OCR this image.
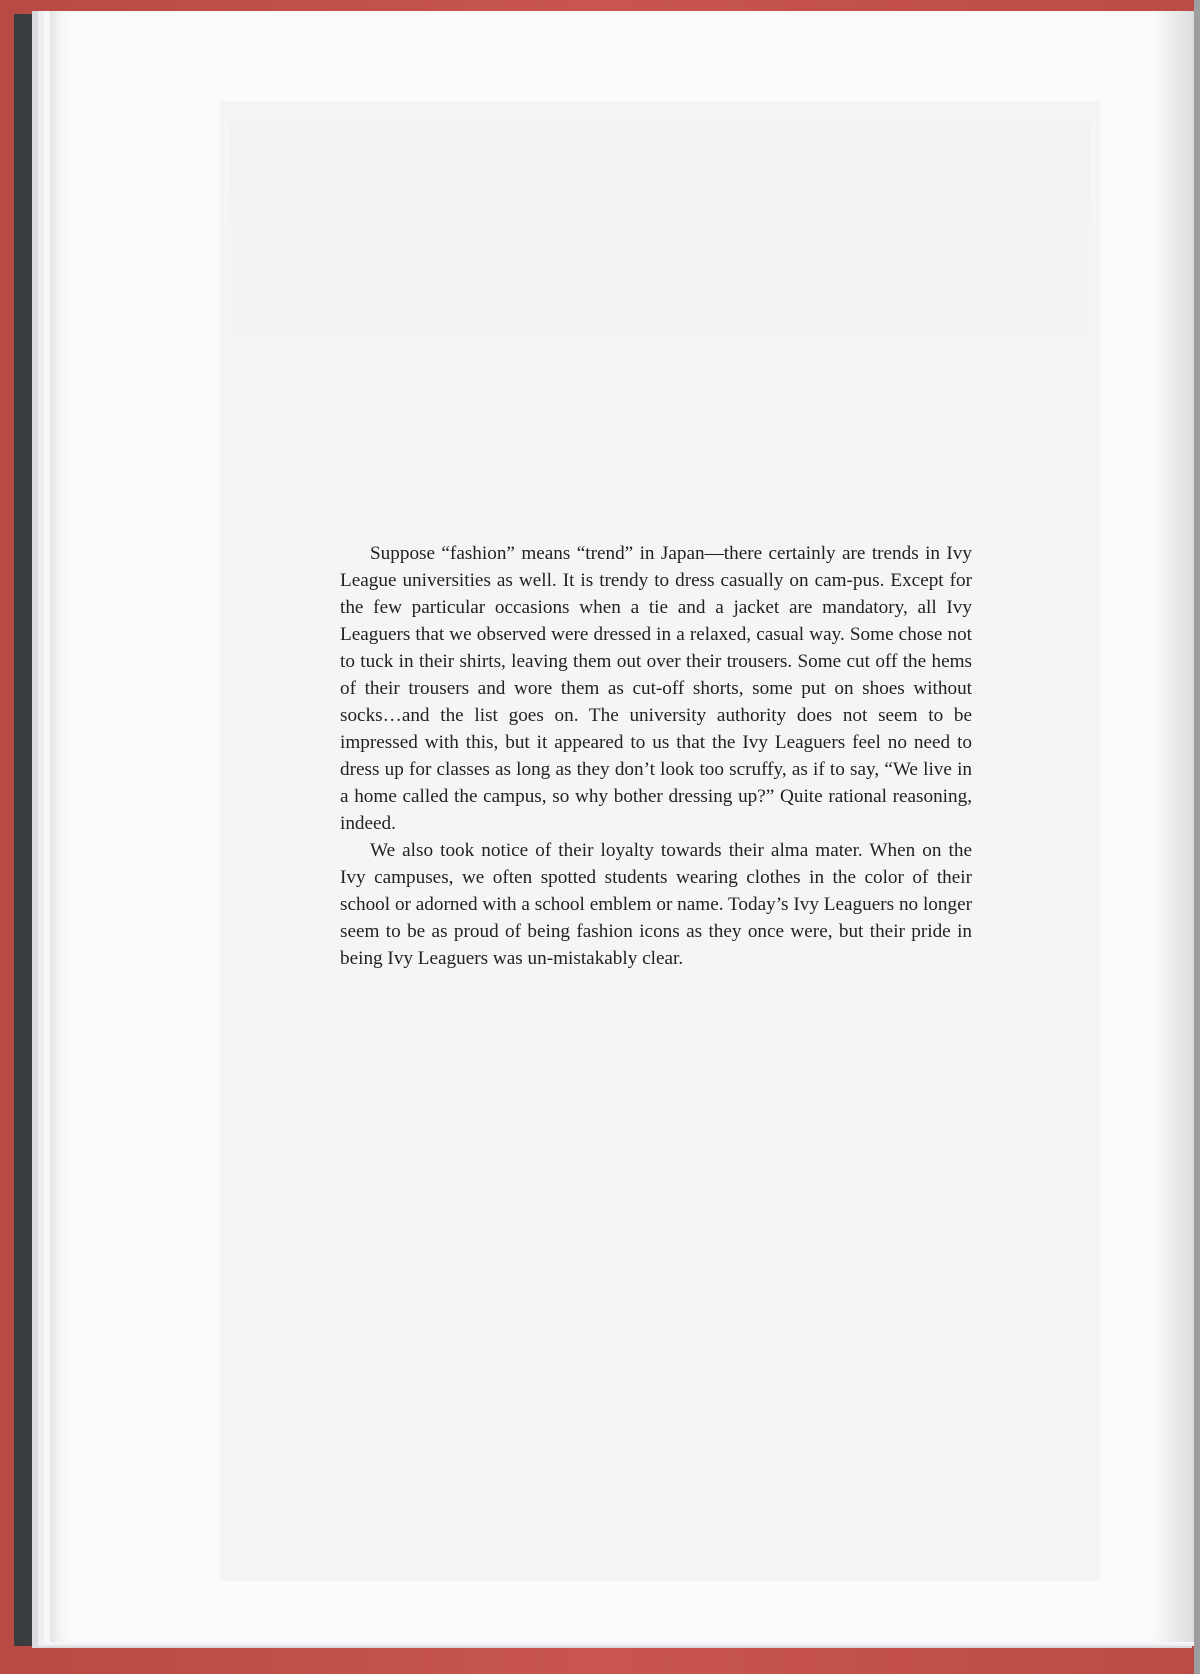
Suppose “fashion” means “trend” in Japan—there certainly are trends in Ivy League universities as well. It is trendy to dress casually on cam-pus. Except for the few particular occasions when a tie and a jacket are mandatory, all Ivy Leaguers that we observed were dressed in a relaxed, casual way. Some chose not to tuck in their shirts, leaving them out over their trousers. Some cut off the hems of their trousers and wore them as cut-off shorts, some put on shoes without socks…and the list goes on. The university authority does not seem to be impressed with this, but it appeared to us that the Ivy Leaguers feel no need to dress up for classes as long as they don’t look too scruffy, as if to say, “We live in a home called the campus, so why bother dressing up?” Quite rational reasoning, indeed.

We also took notice of their loyalty towards their alma mater. When on the Ivy campuses, we often spotted students wearing clothes in the color of their school or adorned with a school emblem or name. Today’s Ivy Leaguers no longer seem to be as proud of being fashion icons as they once were, but their pride in being Ivy Leaguers was un-mistakably clear.
